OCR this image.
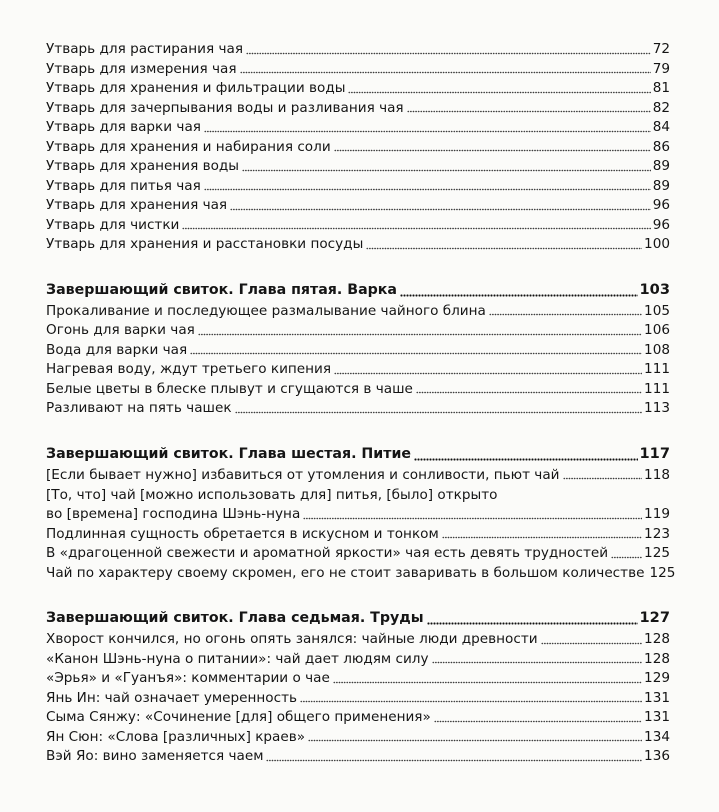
Утварь для растирания чая	72
Утварь для измерения чая	79
Утварь для хранения и фильтрации воды	81
Утварь для зачерпывания воды и разливания чая	82
Утварь для варки чая	84
Утварь для хранения и набирания соли	86
Утварь для хранения воды	89
Утварь для питья чая	89
Утварь для хранения чая	96
Утварь для чистки	96
Утварь для хранения и расстановки посуды	100
Завершающий свиток. Глава пятая. Варка	103
Прокаливание и последующее размалывание чайного блина	105
Огонь для варки чая	106
Вода для варки чая	108
Нагревая воду, ждут третьего кипения	111
Белые цветы в блеске плывут и сгущаются в чаше	111
Разливают на пять чашек	113
Завершающий свиток. Глава шестая. Питие	117
[Если бывает нужно] избавиться от утомления и сонливости, пьют чай	118
[То, что] чай [можно использовать для] питья, [было] открыто
во [времена] господина Шэнь-нуна	119
Подлинная сущность обретается в искусном и тонком	123
В «драгоценной свежести и ароматной яркости» чая есть девять трудностей	125
Чай по характеру своему скромен, его не стоит заваривать в большом количестве 125
Завершающий свиток. Глава седьмая. Труды	127
Хворост кончился, но огонь опять занялся: чайные люди древности	128
«Канон Шэнь-нуна о питании»: чай дает людям силу	128
«Эрья» и «Гуанъя»: комментарии о чае	129
Янь Ин: чай означает умеренность	131
Сыма Сянжу: «Сочинение [для] общего применения»	131
Ян Сюн: «Слова [различных] краев»	134
Вэй Яо: вино заменяется чаем	136
